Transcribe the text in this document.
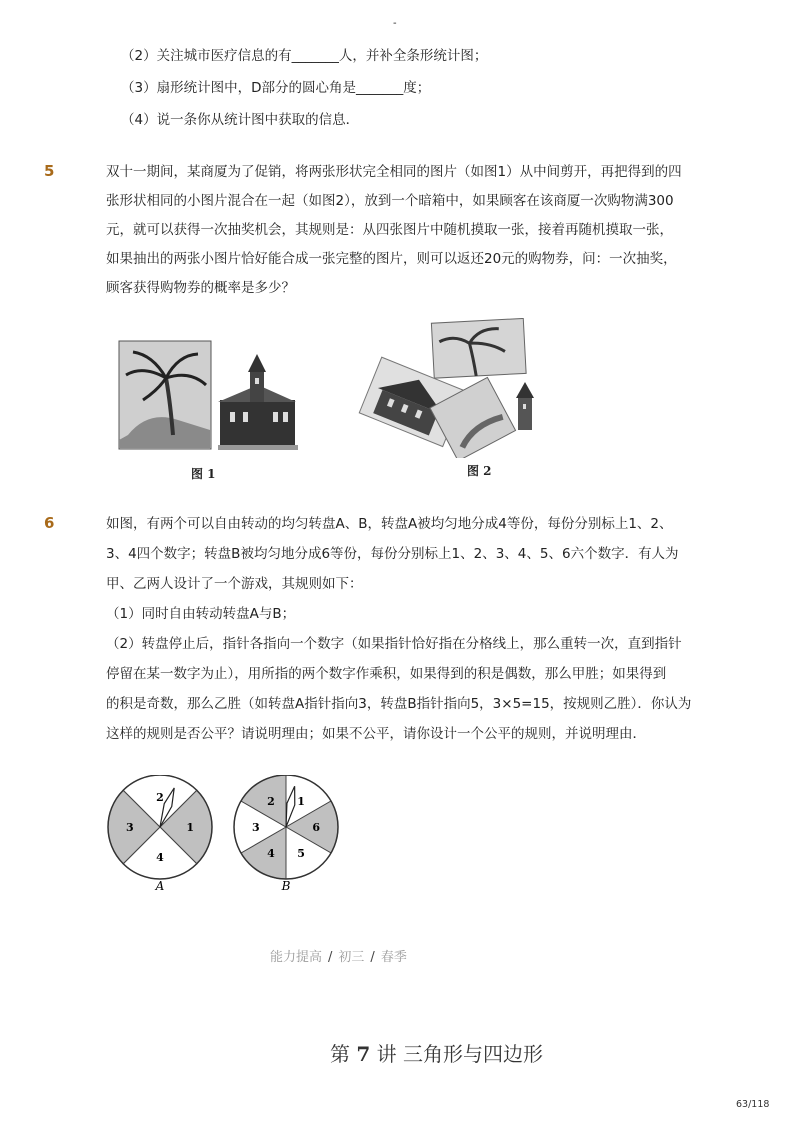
-
（2）关注城市医疗信息的有_______人，并补全条形统计图；
（3）扇形统计图中，D部分的圆心角是_______度；
（4）说一条你从统计图中获取的信息．
5	双十一期间，某商厦为了促销，将两张形状完全相同的图片（如图1）从中间剪开，再把得到的四
张形状相同的小图片混合在一起（如图2），放到一个暗箱中，如果顾客在该商厦一次购物满300
元，就可以获得一次抽奖机会，其规则是：从四张图片中随机摸取一张，接着再随机摸取一张，
如果抽出的两张小图片恰好能合成一张完整的图片，则可以返还20元的购物券，问：一次抽奖，
顾客获得购物券的概率是多少？
图 1	图 2
6	如图，有两个可以自由转动的均匀转盘A、B，转盘A被均匀地分成4等份，每份分别标上1、2、
3、4四个数字；转盘B被均匀地分成6等份，每份分别标上1、2、3、4、5、6六个数字．有人为
甲、乙两人设计了一个游戏，其规则如下：
（1）同时自由转动转盘A与B；
（2）转盘停止后，指针各指向一个数字（如果指针恰好指在分格线上，那么重转一次，直到指针
停留在某一数字为止），用所指的两个数字作乘积，如果得到的积是偶数，那么甲胜；如果得到
的积是奇数，那么乙胜（如转盘A指针指向3，转盘B指针指向5，3×5=15，按规则乙胜）．你认为
这样的规则是否公平？请说明理由；如果不公平，请你设计一个公平的规则，并说明理由．
1
4
3
2	1
6
5
4
3
2
A	B
能力提高 / 初三 / 春季
第 7 讲 三角形与四边形
63/118
